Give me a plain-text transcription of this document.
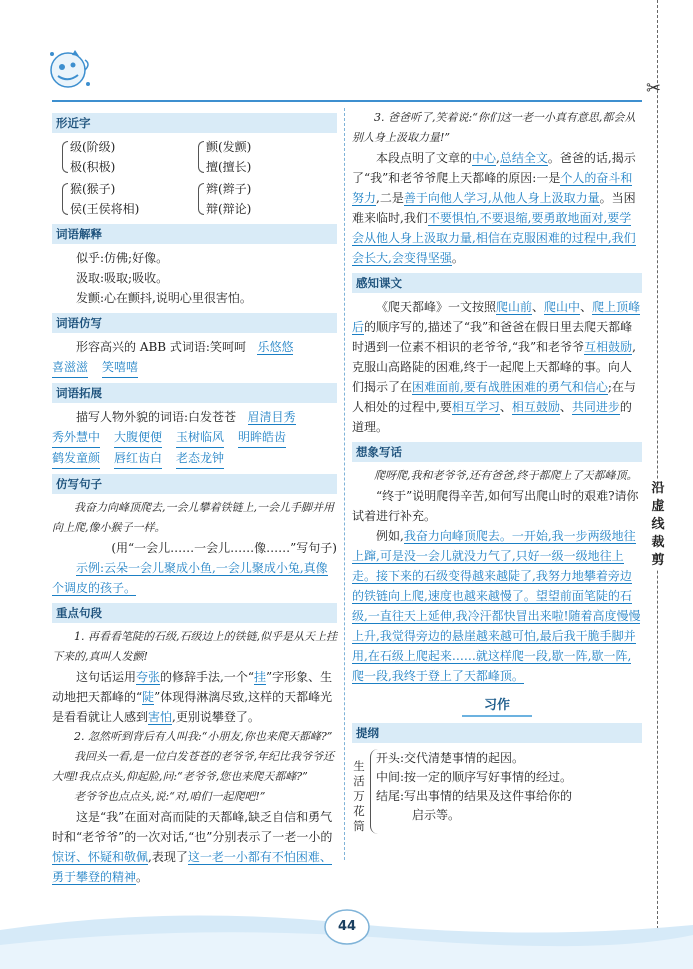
✂
沿虚线裁剪
形近字

级(阶级)

极(积极)

颤(发颤)

擅(擅长)

猴(猴子)

侯(王侯将相)

辫(辫子)

辩(辩论)

词语解释

似乎:仿佛;好像。

汲取:吸取;吸收。

发颤:心在颤抖,说明心里很害怕。

词语仿写

形容高兴的 ABB 式词语:笑呵呵 乐悠悠

喜滋滋 笑嘻嘻
词语拓展

描写人物外貌的词语:白发苍苍 眉清目秀

秀外慧中 大腹便便 玉树临风 明眸皓齿
鹤发童颜 唇红齿白 老态龙钟
仿写句子

我奋力向峰顶爬去,一会儿攀着铁链上,一会儿手脚并用向上爬,像小猴子一样。

(用“一会儿……一会儿……像……”写句子)

示例:云朵一会儿聚成小鱼,一会儿聚成小兔,真像个调皮的孩子。

重点句段

1. 再看看笔陡的石级,石级边上的铁链,似乎是从天上挂下来的,真叫人发颤!

这句话运用夸张的修辞手法,一个“挂”字形象、生动地把天都峰的“陡”体现得淋漓尽致,这样的天都峰光是看看就让人感到害怕,更别说攀登了。

2. 忽然听到背后有人叫我:“小朋友,你也来爬天都峰?”

我回头一看,是一位白发苍苍的老爷爷,年纪比我爷爷还大哩!我点点头,仰起脸,问:“老爷爷,您也来爬天都峰?”

老爷爷也点点头,说:“对,咱们一起爬吧!”

这是“我”在面对高而陡的天都峰,缺乏自信和勇气时和“老爷爷”的一次对话,“也”分别表示了一老一小的惊讶、怀疑和敬佩,表现了这一老一小都有不怕困难、勇于攀登的精神。

3. 爸爸听了,笑着说:“你们这一老一小真有意思,都会从别人身上汲取力量!”

本段点明了文章的中心,总结全文。爸爸的话,揭示了“我”和老爷爷爬上天都峰的原因:一是个人的奋斗和努力,二是善于向他人学习,从他人身上汲取力量。当困难来临时,我们不要惧怕,不要退缩,要勇敢地面对,要学会从他人身上汲取力量,相信在克服困难的过程中,我们会长大,会变得坚强。

感知课文

《爬天都峰》一文按照爬山前、爬山中、爬上顶峰后的顺序写的,描述了“我”和爸爸在假日里去爬天都峰时遇到一位素不相识的老爷爷,“我”和老爷爷互相鼓励,克服山高路陡的困难,终于一起爬上天都峰的事。向人们揭示了在困难面前,要有战胜困难的勇气和信心;在与人相处的过程中,要相互学习、相互鼓励、共同进步的道理。

想象写话

爬呀爬,我和老爷爷,还有爸爸,终于都爬上了天都峰顶。

“终于”说明爬得辛苦,如何写出爬山时的艰难?请你试着进行补充。

例如,我奋力向峰顶爬去。一开始,我一步两级地往上蹿,可是没一会儿就没力气了,只好一级一级地往上走。接下来的石级变得越来越陡了,我努力地攀着旁边的铁链向上爬,速度也越来越慢了。望望前面笔陡的石级,一直往天上延伸,我冷汗都快冒出来啦!随着高度慢慢上升,我觉得旁边的悬崖越来越可怕,最后我干脆手脚并用,在石级上爬起来……就这样爬一段,歇一阵,歇一阵,爬一段,我终于登上了天都峰顶。

习作
提纲
生活万花筒

开头:交代清楚事情的起因。

中间:按一定的顺序写好事情的经过。

结尾:写出事情的结果及这件事给你的

启示等。

44
